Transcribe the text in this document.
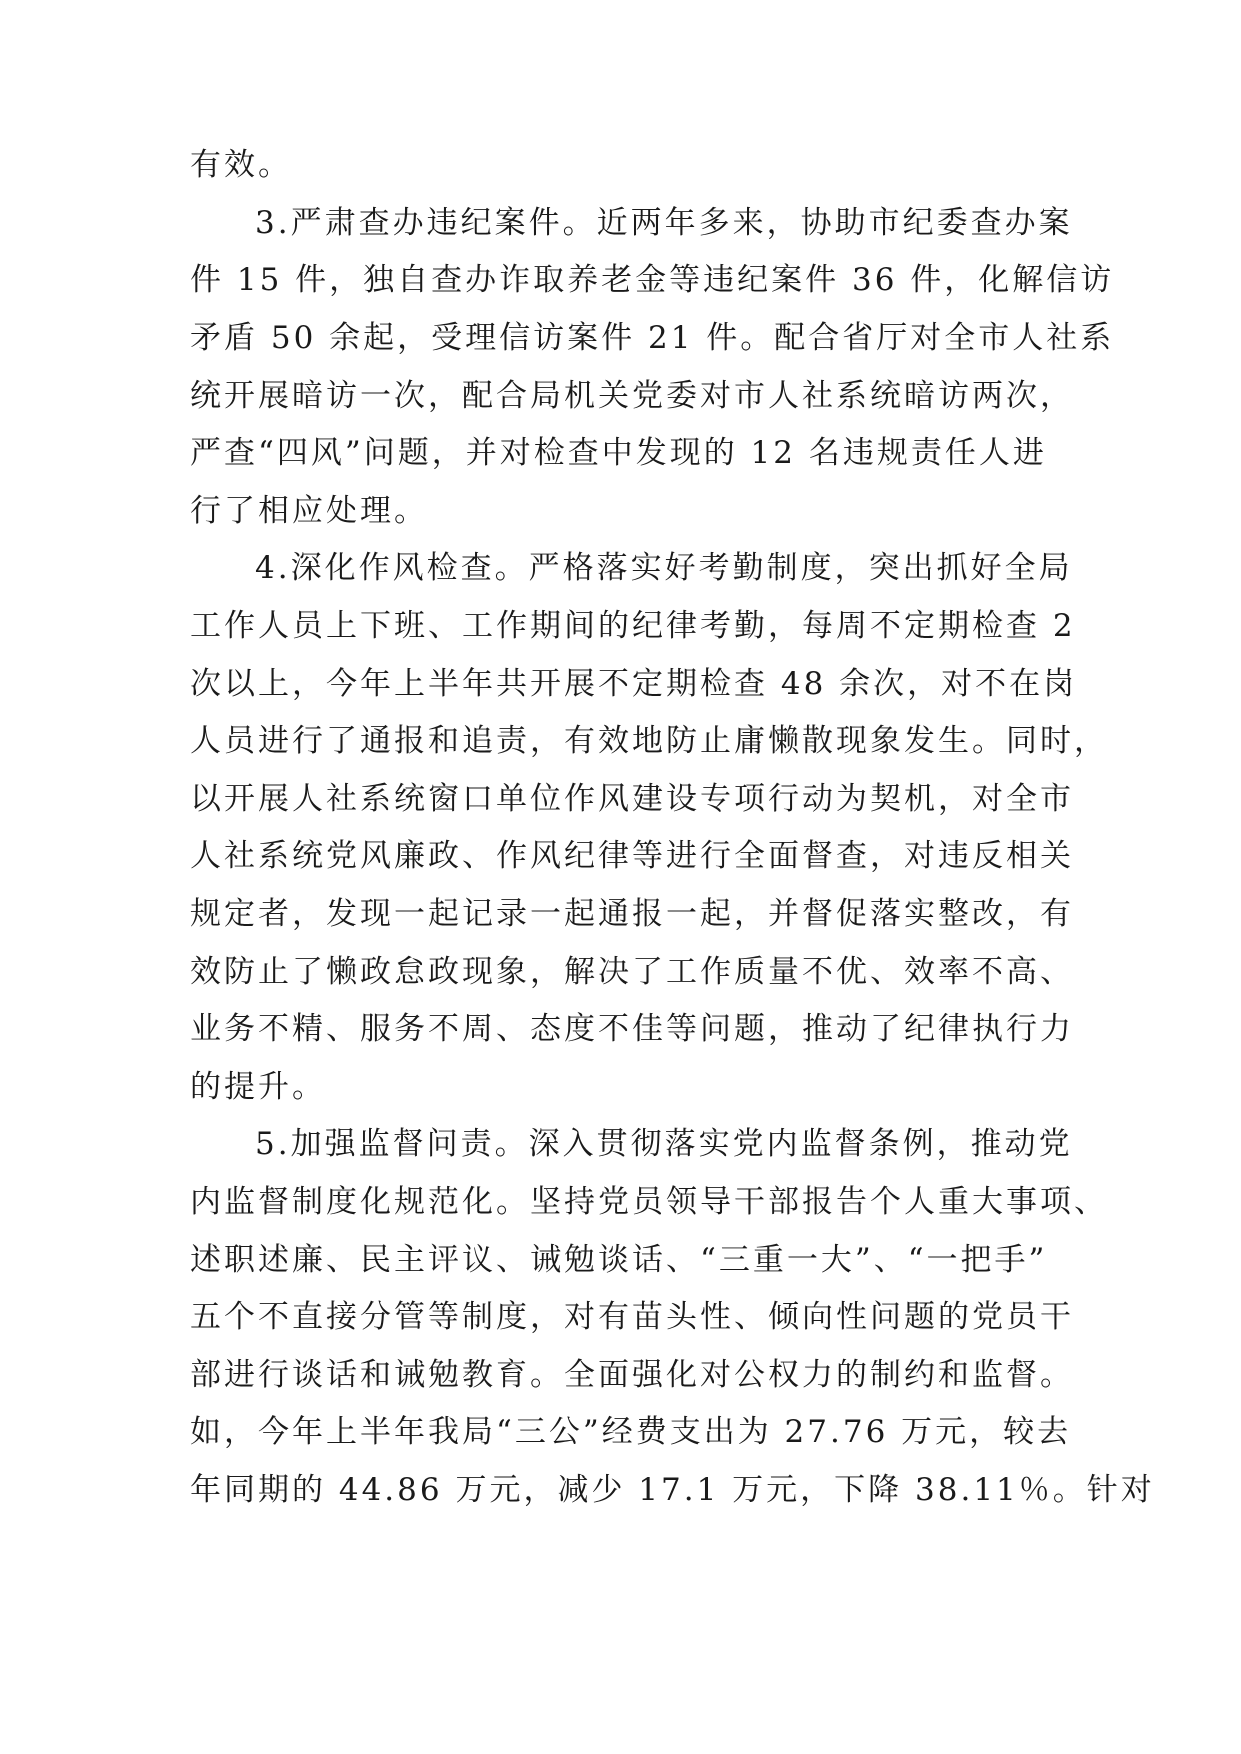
有效。
3.严肃查办违纪案件。近两年多来，协助市纪委查办案
件 15 件，独自查办诈取养老金等违纪案件 36 件，化解信访
矛盾 50 余起，受理信访案件 21 件。配合省厅对全市人社系
统开展暗访一次，配合局机关党委对市人社系统暗访两次，
严查“四风”问题，并对检查中发现的 12 名违规责任人进
行了相应处理。
4.深化作风检查。严格落实好考勤制度，突出抓好全局
工作人员上下班、工作期间的纪律考勤，每周不定期检查 2
次以上，今年上半年共开展不定期检查 48 余次，对不在岗
人员进行了通报和追责，有效地防止庸懒散现象发生。同时，
以开展人社系统窗口单位作风建设专项行动为契机，对全市
人社系统党风廉政、作风纪律等进行全面督查，对违反相关
规定者，发现一起记录一起通报一起，并督促落实整改，有
效防止了懒政怠政现象，解决了工作质量不优、效率不高、
业务不精、服务不周、态度不佳等问题，推动了纪律执行力
的提升。
5.加强监督问责。深入贯彻落实党内监督条例，推动党
内监督制度化规范化。坚持党员领导干部报告个人重大事项、
述职述廉、民主评议、诫勉谈话、“三重一大”、“一把手”
五个不直接分管等制度，对有苗头性、倾向性问题的党员干
部进行谈话和诫勉教育。全面强化对公权力的制约和监督。
如，今年上半年我局“三公”经费支出为 27.76 万元，较去
年同期的 44.86 万元，减少 17.1 万元，下降 38.11％。针对
